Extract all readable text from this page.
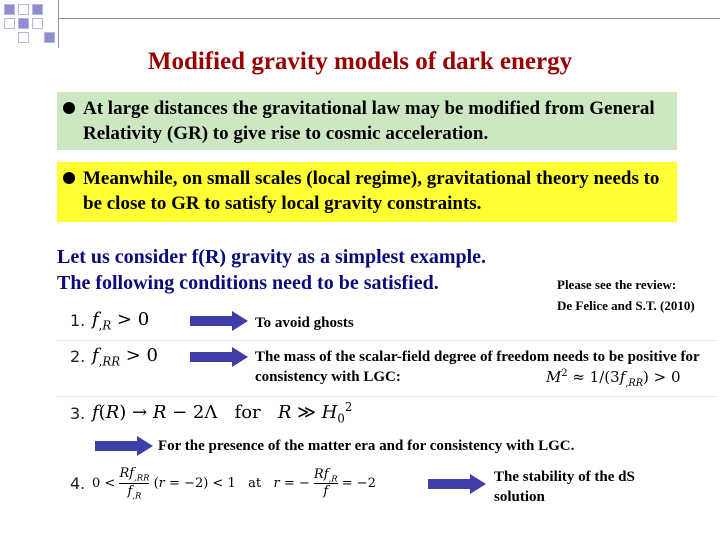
Modified gravity models of dark energy
At large distances the gravitational law may be modified from General Relativity (GR) to give rise to cosmic acceleration.
Meanwhile, on small scales (local regime), gravitational theory needs to be close to GR to satisfy local gravity constraints.
Let us consider f(R) gravity as a simplest example.
The following conditions need to be satisfied.	Please see the review:
De Felice and S.T. (2010)
1. $f_{,R} > 0$	To avoid ghosts
2. $f_{,RR} > 0$	The mass of the scalar-field degree of freedom needs to be positive for consistency with LGC:	$M^2 \approx 1/(3f_{,RR}) > 0$
3. f(R) → R − 2Λ   for   R ≫ $H_0^2$
For the presence of the matter era and for consistency with LGC.
4. $0 < \frac{Rf_{,RR}}{f_{,R}} (r = -2) < 1$   at   r = − $\frac{Rf_{,R}}{f} = -2$	The stability of the dS solution
